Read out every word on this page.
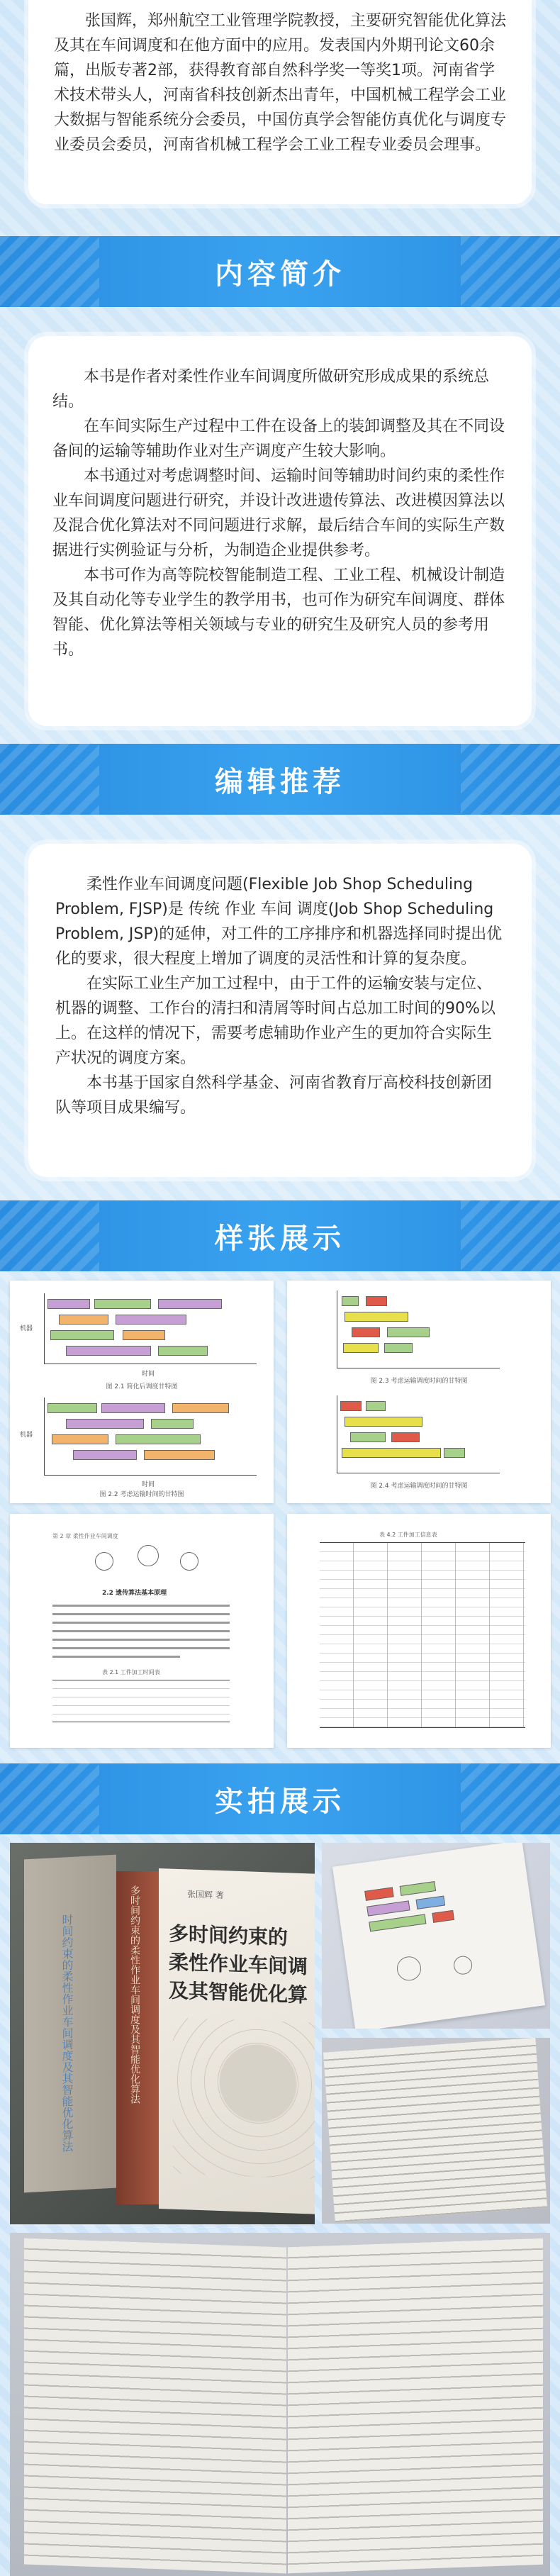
张国辉，郑州航空工业管理学院教授，主要研究智能优化算法及其在车间调度和在他方面中的应用。发表国内外期刊论文60余篇，出版专著2部，获得教育部自然科学奖一等奖1项。河南省学术技术带头人，河南省科技创新杰出青年，中国机械工程学会工业大数据与智能系统分会委员，中国仿真学会智能仿真优化与调度专业委员会委员，河南省机械工程学会工业工程专业委员会理事。

内容简介

本书是作者对柔性作业车间调度所做研究形成成果的系统总结。

在车间实际生产过程中工件在设备上的装卸调整及其在不同设备间的运输等辅助作业对生产调度产生较大影响。

本书通过对考虑调整时间、运输时间等辅助时间约束的柔性作业车间调度问题进行研究，并设计改进遗传算法、改进模因算法以及混合优化算法对不同问题进行求解，最后结合车间的实际生产数据进行实例验证与分析，为制造企业提供参考。

本书可作为高等院校智能制造工程、工业工程、机械设计制造及其自动化等专业学生的教学用书，也可作为研究车间调度、群体智能、优化算法等相关领域与专业的研究生及研究人员的参考用书。

编辑推荐

柔性作业车间调度问题(Flexible Job Shop Scheduling Problem, FJSP)是 传统 作业 车间 调度(Job Shop Scheduling Problem, JSP)的延伸，对工件的工序排序和机器选择同时提出优化的要求，很大程度上增加了调度的灵活性和计算的复杂度。

在实际工业生产加工过程中，由于工件的运输安装与定位、机器的调整、工作台的清扫和清屑等时间占总加工时间的90%以上。在这样的情况下，需要考虑辅助作业产生的更加符合实际生产状况的调度方案。

本书基于国家自然科学基金、河南省教育厅高校科技创新团队等项目成果编写。

样张展示
机器
时间
图 2.1 简化后调度甘特图
机器
时间
图 2.2 考虑运输时间的甘特图
图 2.3 考虑运输调度时间的甘特图
图 2.4 考虑运输调度时间的甘特图
第 2 章 柔性作业车间调度
2.2 遗传算法基本原理
表 2.1 工件加工时间表
表 4.2 工件加工信息表
实拍展示
时间约束的柔性作业车间调度及其智能优化算法	多时间约束的柔性作业车间调度及其智能优化算法	张国辉 著
多时间约束的
柔性作业车间调
及其智能优化算
